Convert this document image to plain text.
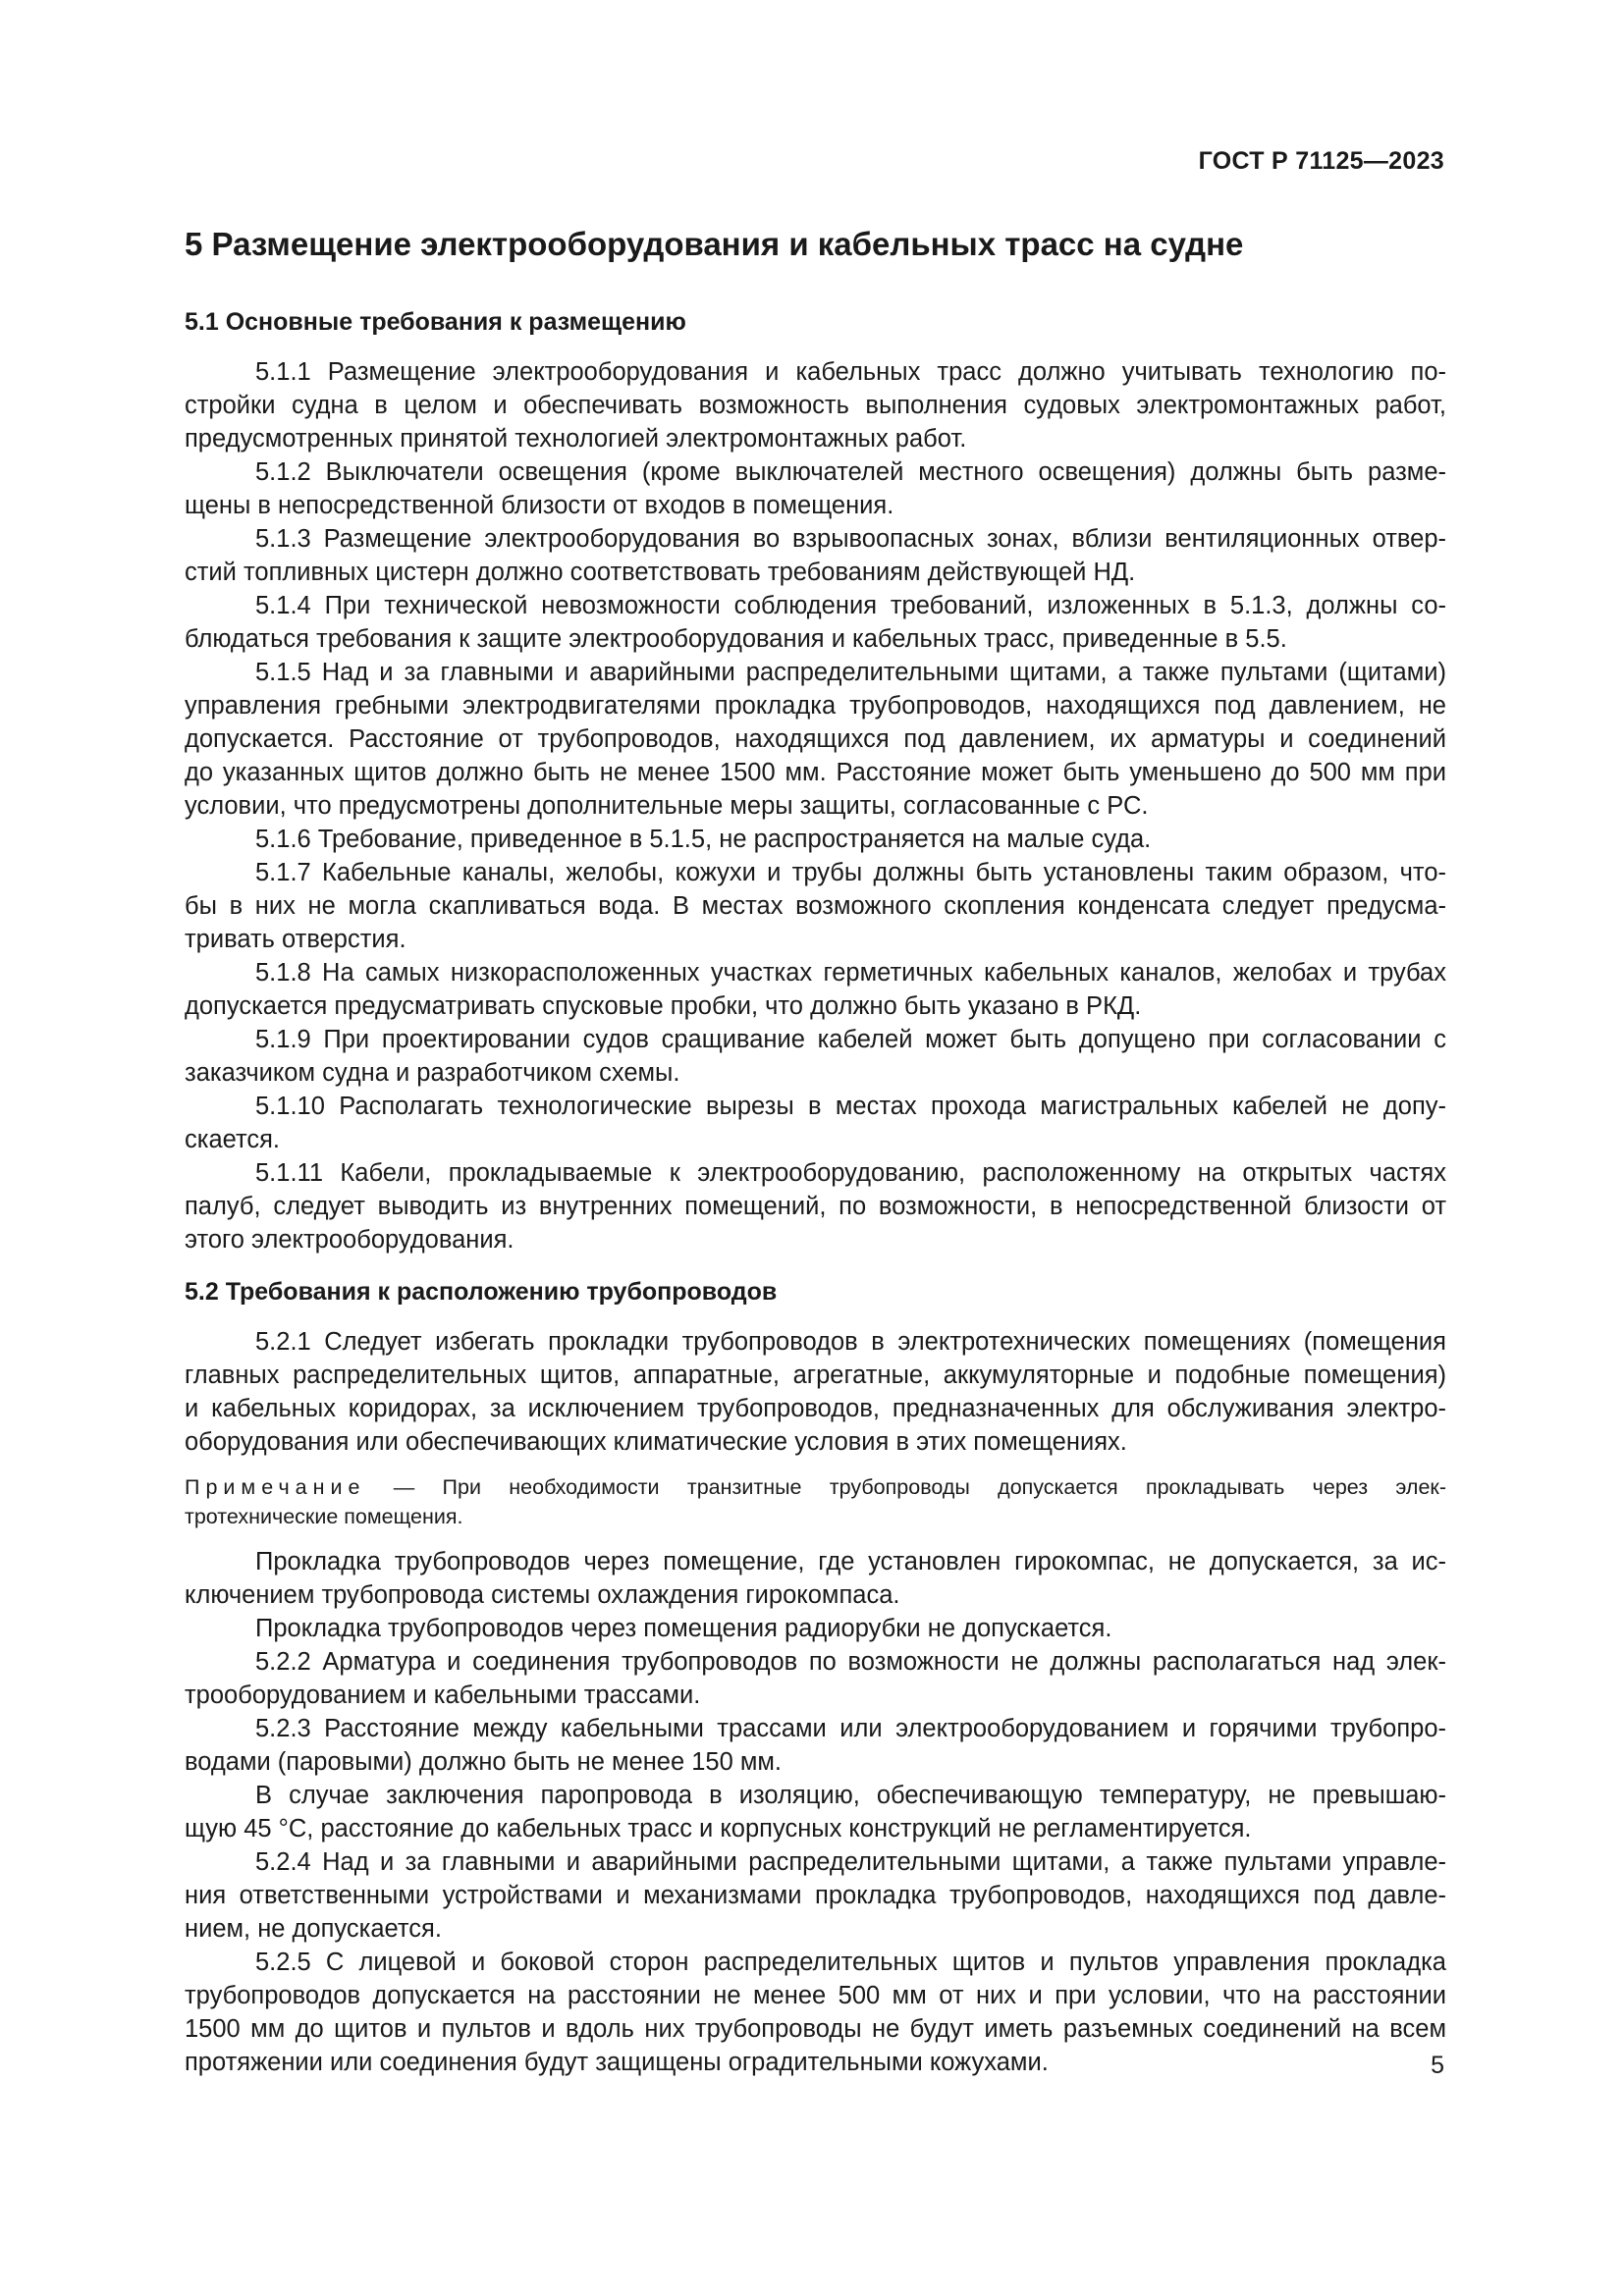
ГОСТ Р 71125—2023
5 Размещение электрооборудования и кабельных трасс на судне
5.1 Основные требования к размещению
5.1.1 Размещение электрооборудования и кабельных трасс должно учитывать технологию по-
стройки судна в целом и обеспечивать возможность выполнения судовых электромонтажных работ,
предусмотренных принятой технологией электромонтажных работ.
5.1.2 Выключатели освещения (кроме выключателей местного освещения) должны быть разме-
щены в непосредственной близости от входов в помещения.
5.1.3 Размещение электрооборудования во взрывоопасных зонах, вблизи вентиляционных отвер-
стий топливных цистерн должно соответствовать требованиям действующей НД.
5.1.4 При технической невозможности соблюдения требований, изложенных в 5.1.3, должны со-
блюдаться требования к защите электрооборудования и кабельных трасс, приведенные в 5.5.
5.1.5 Над и за главными и аварийными распределительными щитами, а также пультами (щитами)
управления гребными электродвигателями прокладка трубопроводов, находящихся под давлением, не
допускается. Расстояние от трубопроводов, находящихся под давлением, их арматуры и соединений
до указанных щитов должно быть не менее 1500 мм. Расстояние может быть уменьшено до 500 мм при
условии, что предусмотрены дополнительные меры защиты, согласованные с РС.
5.1.6 Требование, приведенное в 5.1.5, не распространяется на малые суда.
5.1.7 Кабельные каналы, желобы, кожухи и трубы должны быть установлены таким образом, что-
бы в них не могла скапливаться вода. В местах возможного скопления конденсата следует предусма-
тривать отверстия.
5.1.8 На самых низкорасположенных участках герметичных кабельных каналов, желобах и трубах
допускается предусматривать спусковые пробки, что должно быть указано в РКД.
5.1.9 При проектировании судов сращивание кабелей может быть допущено при согласовании с
заказчиком судна и разработчиком схемы.
5.1.10 Располагать технологические вырезы в местах прохода магистральных кабелей не допу-
скается.
5.1.11 Кабели, прокладываемые к электрооборудованию, расположенному на открытых частях
палуб, следует выводить из внутренних помещений, по возможности, в непосредственной близости от
этого электрооборудования.
5.2 Требования к расположению трубопроводов
5.2.1 Следует избегать прокладки трубопроводов в электротехнических помещениях (помещения
главных распределительных щитов, аппаратные, агрегатные, аккумуляторные и подобные помещения)
и кабельных коридорах, за исключением трубопроводов, предназначенных для обслуживания электро-
оборудования или обеспечивающих климатические условия в этих помещениях.
Примечание — При необходимости транзитные трубопроводы допускается прокладывать через элек-
тротехнические помещения.
Прокладка трубопроводов через помещение, где установлен гирокомпас, не допускается, за ис-
ключением трубопровода системы охлаждения гирокомпаса.
Прокладка трубопроводов через помещения радиорубки не допускается.
5.2.2 Арматура и соединения трубопроводов по возможности не должны располагаться над элек-
трооборудованием и кабельными трассами.
5.2.3 Расстояние между кабельными трассами или электрооборудованием и горячими трубопро-
водами (паровыми) должно быть не менее 150 мм.
В случае заключения паропровода в изоляцию, обеспечивающую температуру, не превышаю-
щую 45 °С, расстояние до кабельных трасс и корпусных конструкций не регламентируется.
5.2.4 Над и за главными и аварийными распределительными щитами, а также пультами управле-
ния ответственными устройствами и механизмами прокладка трубопроводов, находящихся под давле-
нием, не допускается.
5.2.5 С лицевой и боковой сторон распределительных щитов и пультов управления прокладка
трубопроводов допускается на расстоянии не менее 500 мм от них и при условии, что на расстоянии
1500 мм до щитов и пультов и вдоль них трубопроводы не будут иметь разъемных соединений на всем
протяжении или соединения будут защищены оградительными кожухами.	5
